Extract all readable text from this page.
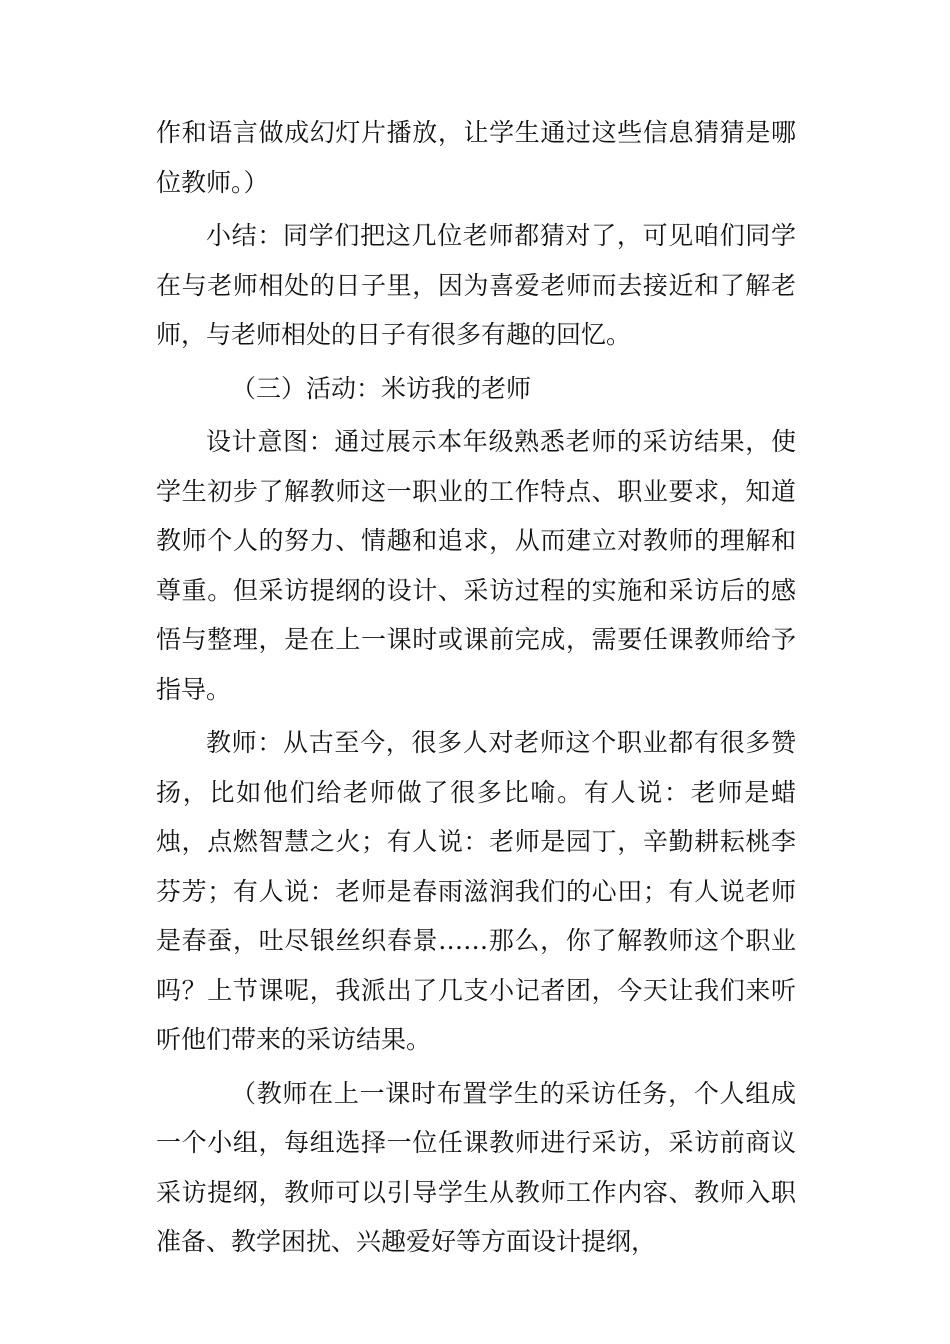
作和语言做成幻灯片播放，让学生通过这些信息猜猜是哪位教师。）

小结：同学们把这几位老师都猜对了，可见咱们同学在与老师相处的日子里，因为喜爱老师而去接近和了解老师，与老师相处的日子有很多有趣的回忆。

（三）活动：米访我的老师

设计意图：通过展示本年级熟悉老师的采访结果，使学生初步了解教师这一职业的工作特点、职业要求，知道教师个人的努力、情趣和追求，从而建立对教师的理解和尊重。但采访提纲的设计、采访过程的实施和采访后的感悟与整理，是在上一课时或课前完成，需要任课教师给予指导。

教师：从古至今，很多人对老师这个职业都有很多赞扬，比如他们给老师做了很多比喻。有人说：老师是蜡烛，点燃智慧之火；有人说：老师是园丁，辛勤耕耘桃李芬芳；有人说：老师是春雨滋润我们的心田；有人说老师是春蚕，吐尽银丝织春景……那么，你了解教师这个职业吗？上节课呢，我派出了几支小记者团，今天让我们来听听他们带来的采访结果。

（教师在上一课时布置学生的采访任务，个人组成一个小组，每组选择一位任课教师进行采访，采访前商议采访提纲，教师可以引导学生从教师工作内容、教师入职准备、教学困扰、兴趣爱好等方面设计提纲，
